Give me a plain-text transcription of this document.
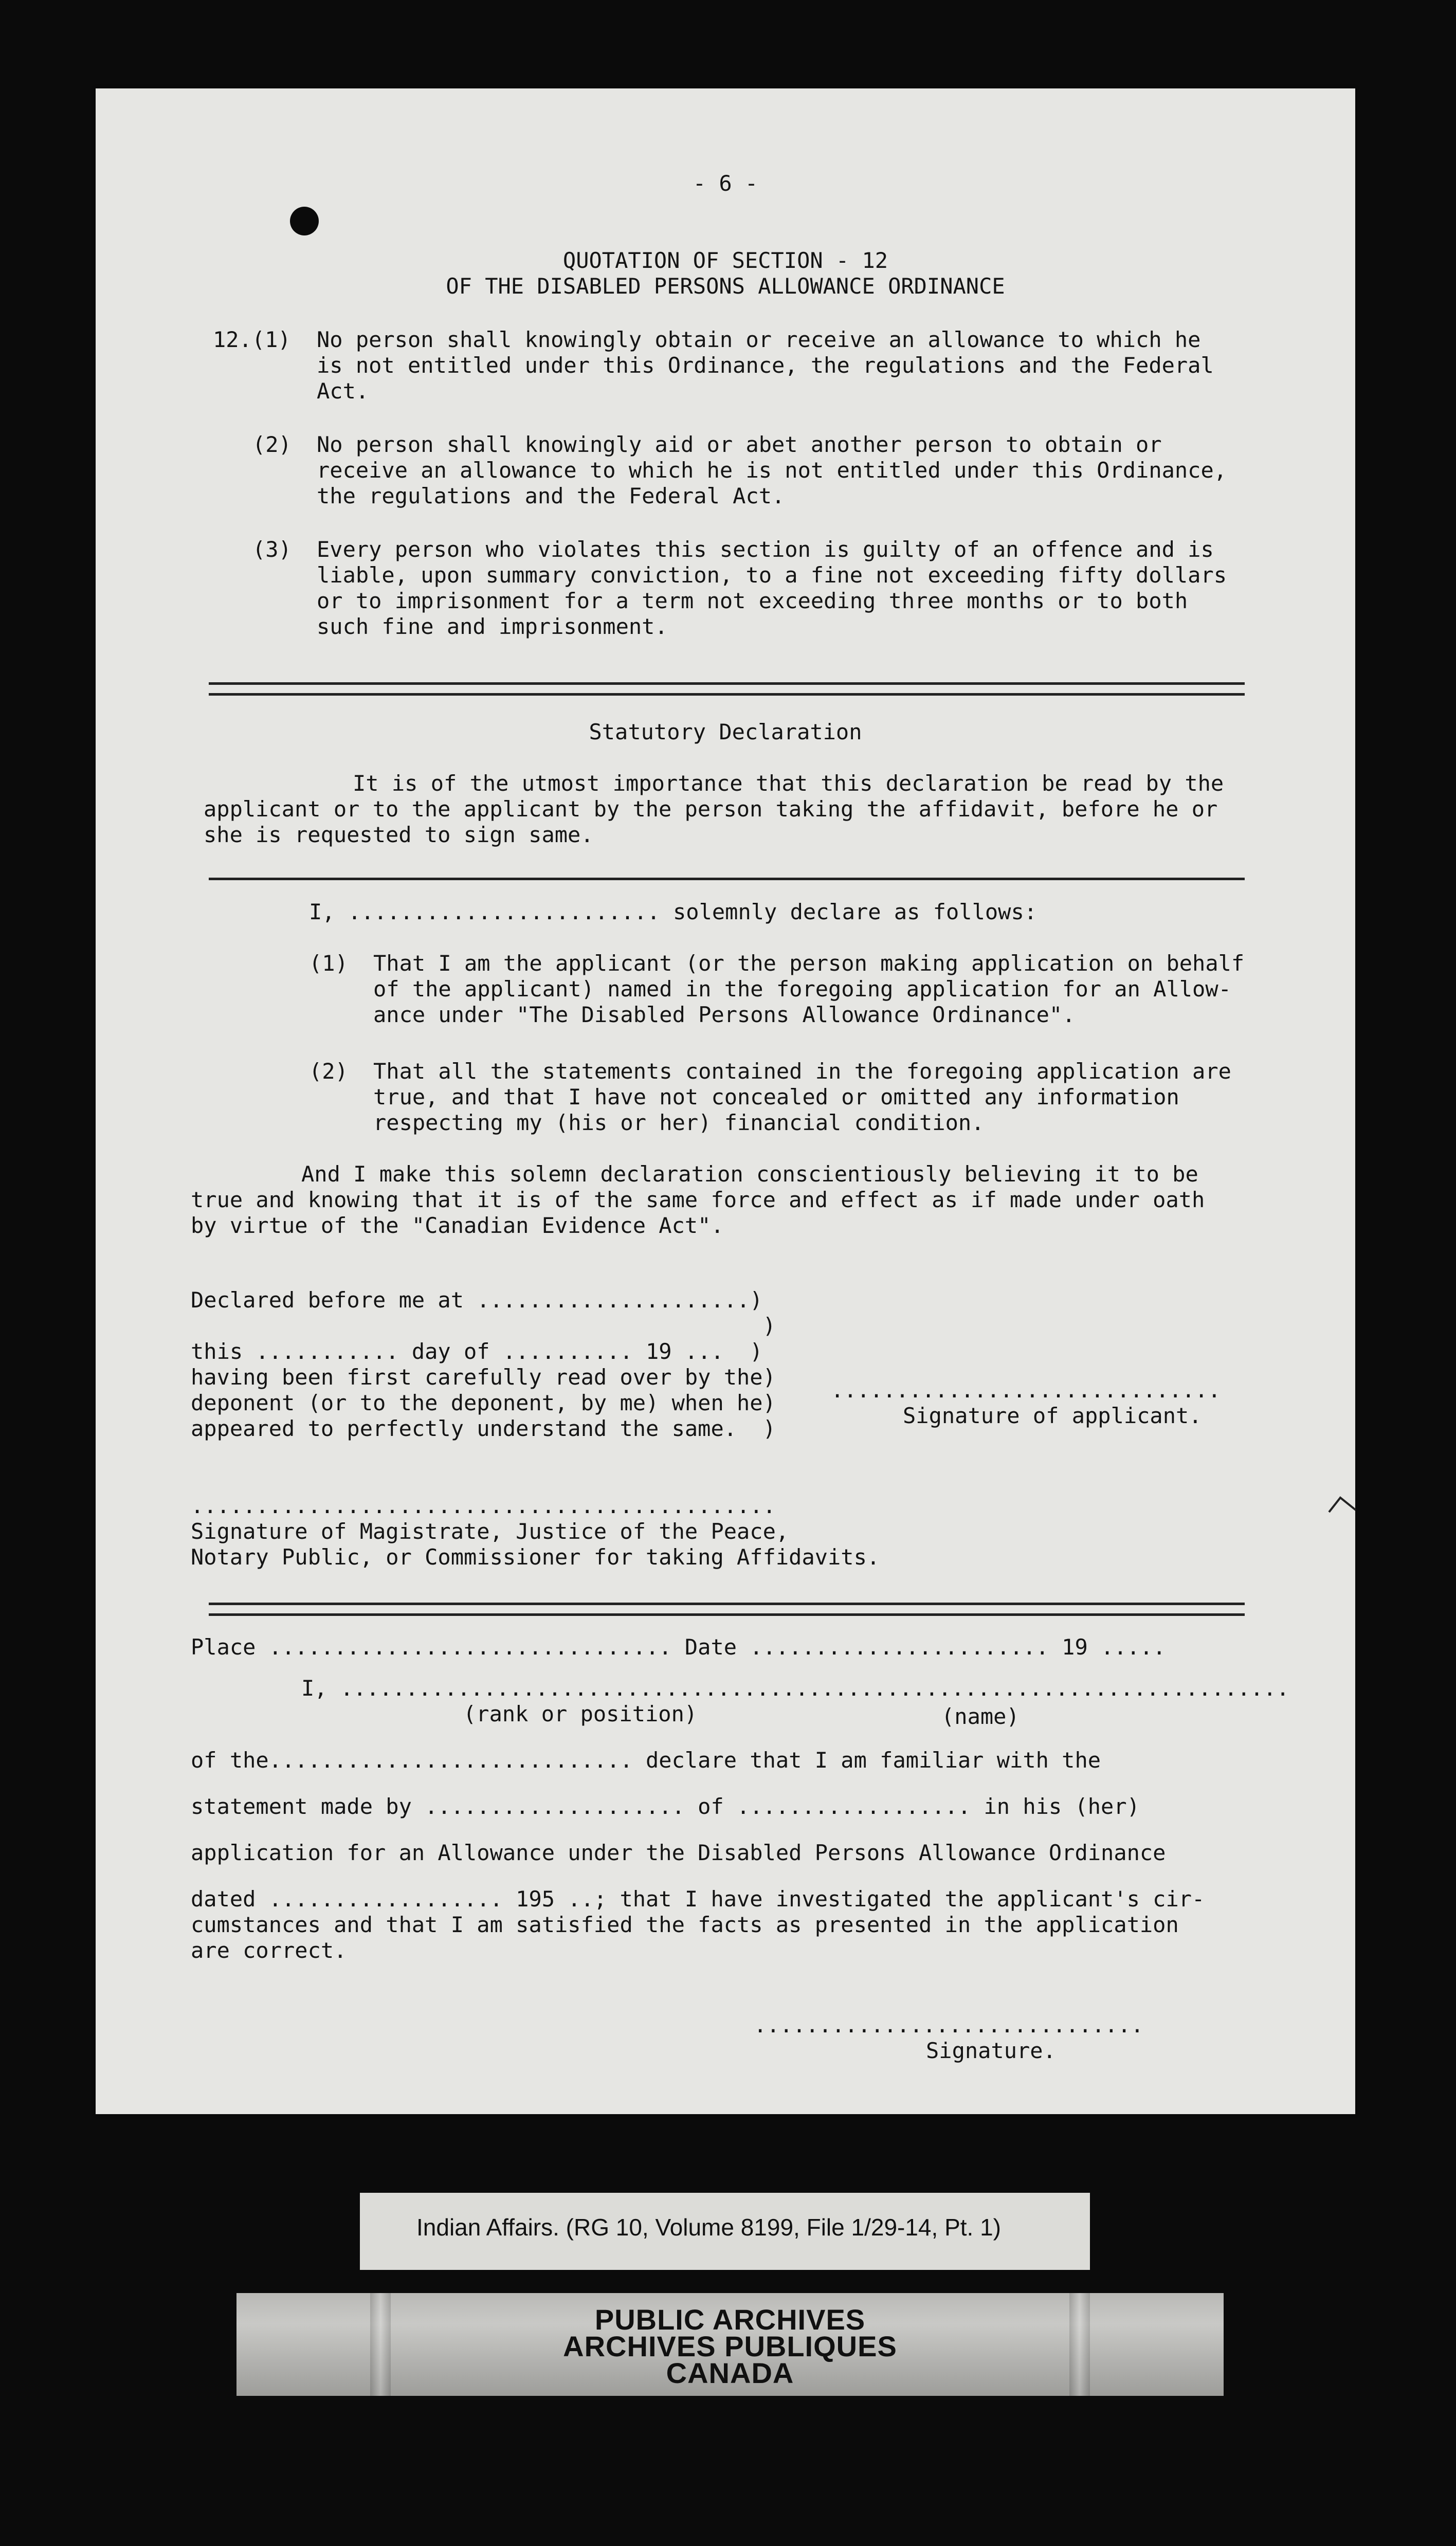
- 6 -

QUOTATION OF SECTION - 12

OF THE DISABLED PERSONS ALLOWANCE ORDINANCE

12.(1) No person shall knowingly obtain or receive an allowance to which he

is not entitled under this Ordinance, the regulations and the Federal

Act.

(2) No person shall knowingly aid or abet another person to obtain or

receive an allowance to which he is not entitled under this Ordinance,

the regulations and the Federal Act.

(3) Every person who violates this section is guilty of an offence and is

liable, upon summary conviction, to a fine not exceeding fifty dollars

or to imprisonment for a term not exceeding three months or to both

such fine and imprisonment.

Statutory Declaration

It is of the utmost importance that this declaration be read by the

applicant or to the applicant by the person taking the affidavit, before he or

she is requested to sign same.

I, ........................ solemnly declare as follows:

(1) That I am the applicant (or the person making application on behalf

of the applicant) named in the foregoing application for an Allow-

ance under "The Disabled Persons Allowance Ordinance".

(2) That all the statements contained in the foregoing application are

true, and that I have not concealed or omitted any information

respecting my (his or her) financial condition.

And I make this solemn declaration conscientiously believing it to be

true and knowing that it is of the same force and effect as if made under oath

by virtue of the "Canadian Evidence Act".

Declared before me at .....................)

)

this ........... day of .......... 19 ...  )

having been first carefully read over by the)

deponent (or to the deponent, by me) when he)

appeared to perfectly understand the same.  )

..............................

Signature of applicant.

.............................................

Signature of Magistrate, Justice of the Peace,

Notary Public, or Commissioner for taking Affidavits.

Place ............................... Date ....................... 19 .....

I, .........................................................................

(rank or position)	(name)

of the............................ declare that I am familiar with the

statement made by .................... of .................. in his (her)

application for an Allowance under the Disabled Persons Allowance Ordinance

dated .................. 195 ..; that I have investigated the applicant's cir-

cumstances and that I am satisfied the facts as presented in the application

are correct.

..............................

Signature.

Indian Affairs. (RG 10, Volume 8199, File 1/29-14, Pt. 1)
PUBLIC ARCHIVES
ARCHIVES PUBLIQUES
CANADA
